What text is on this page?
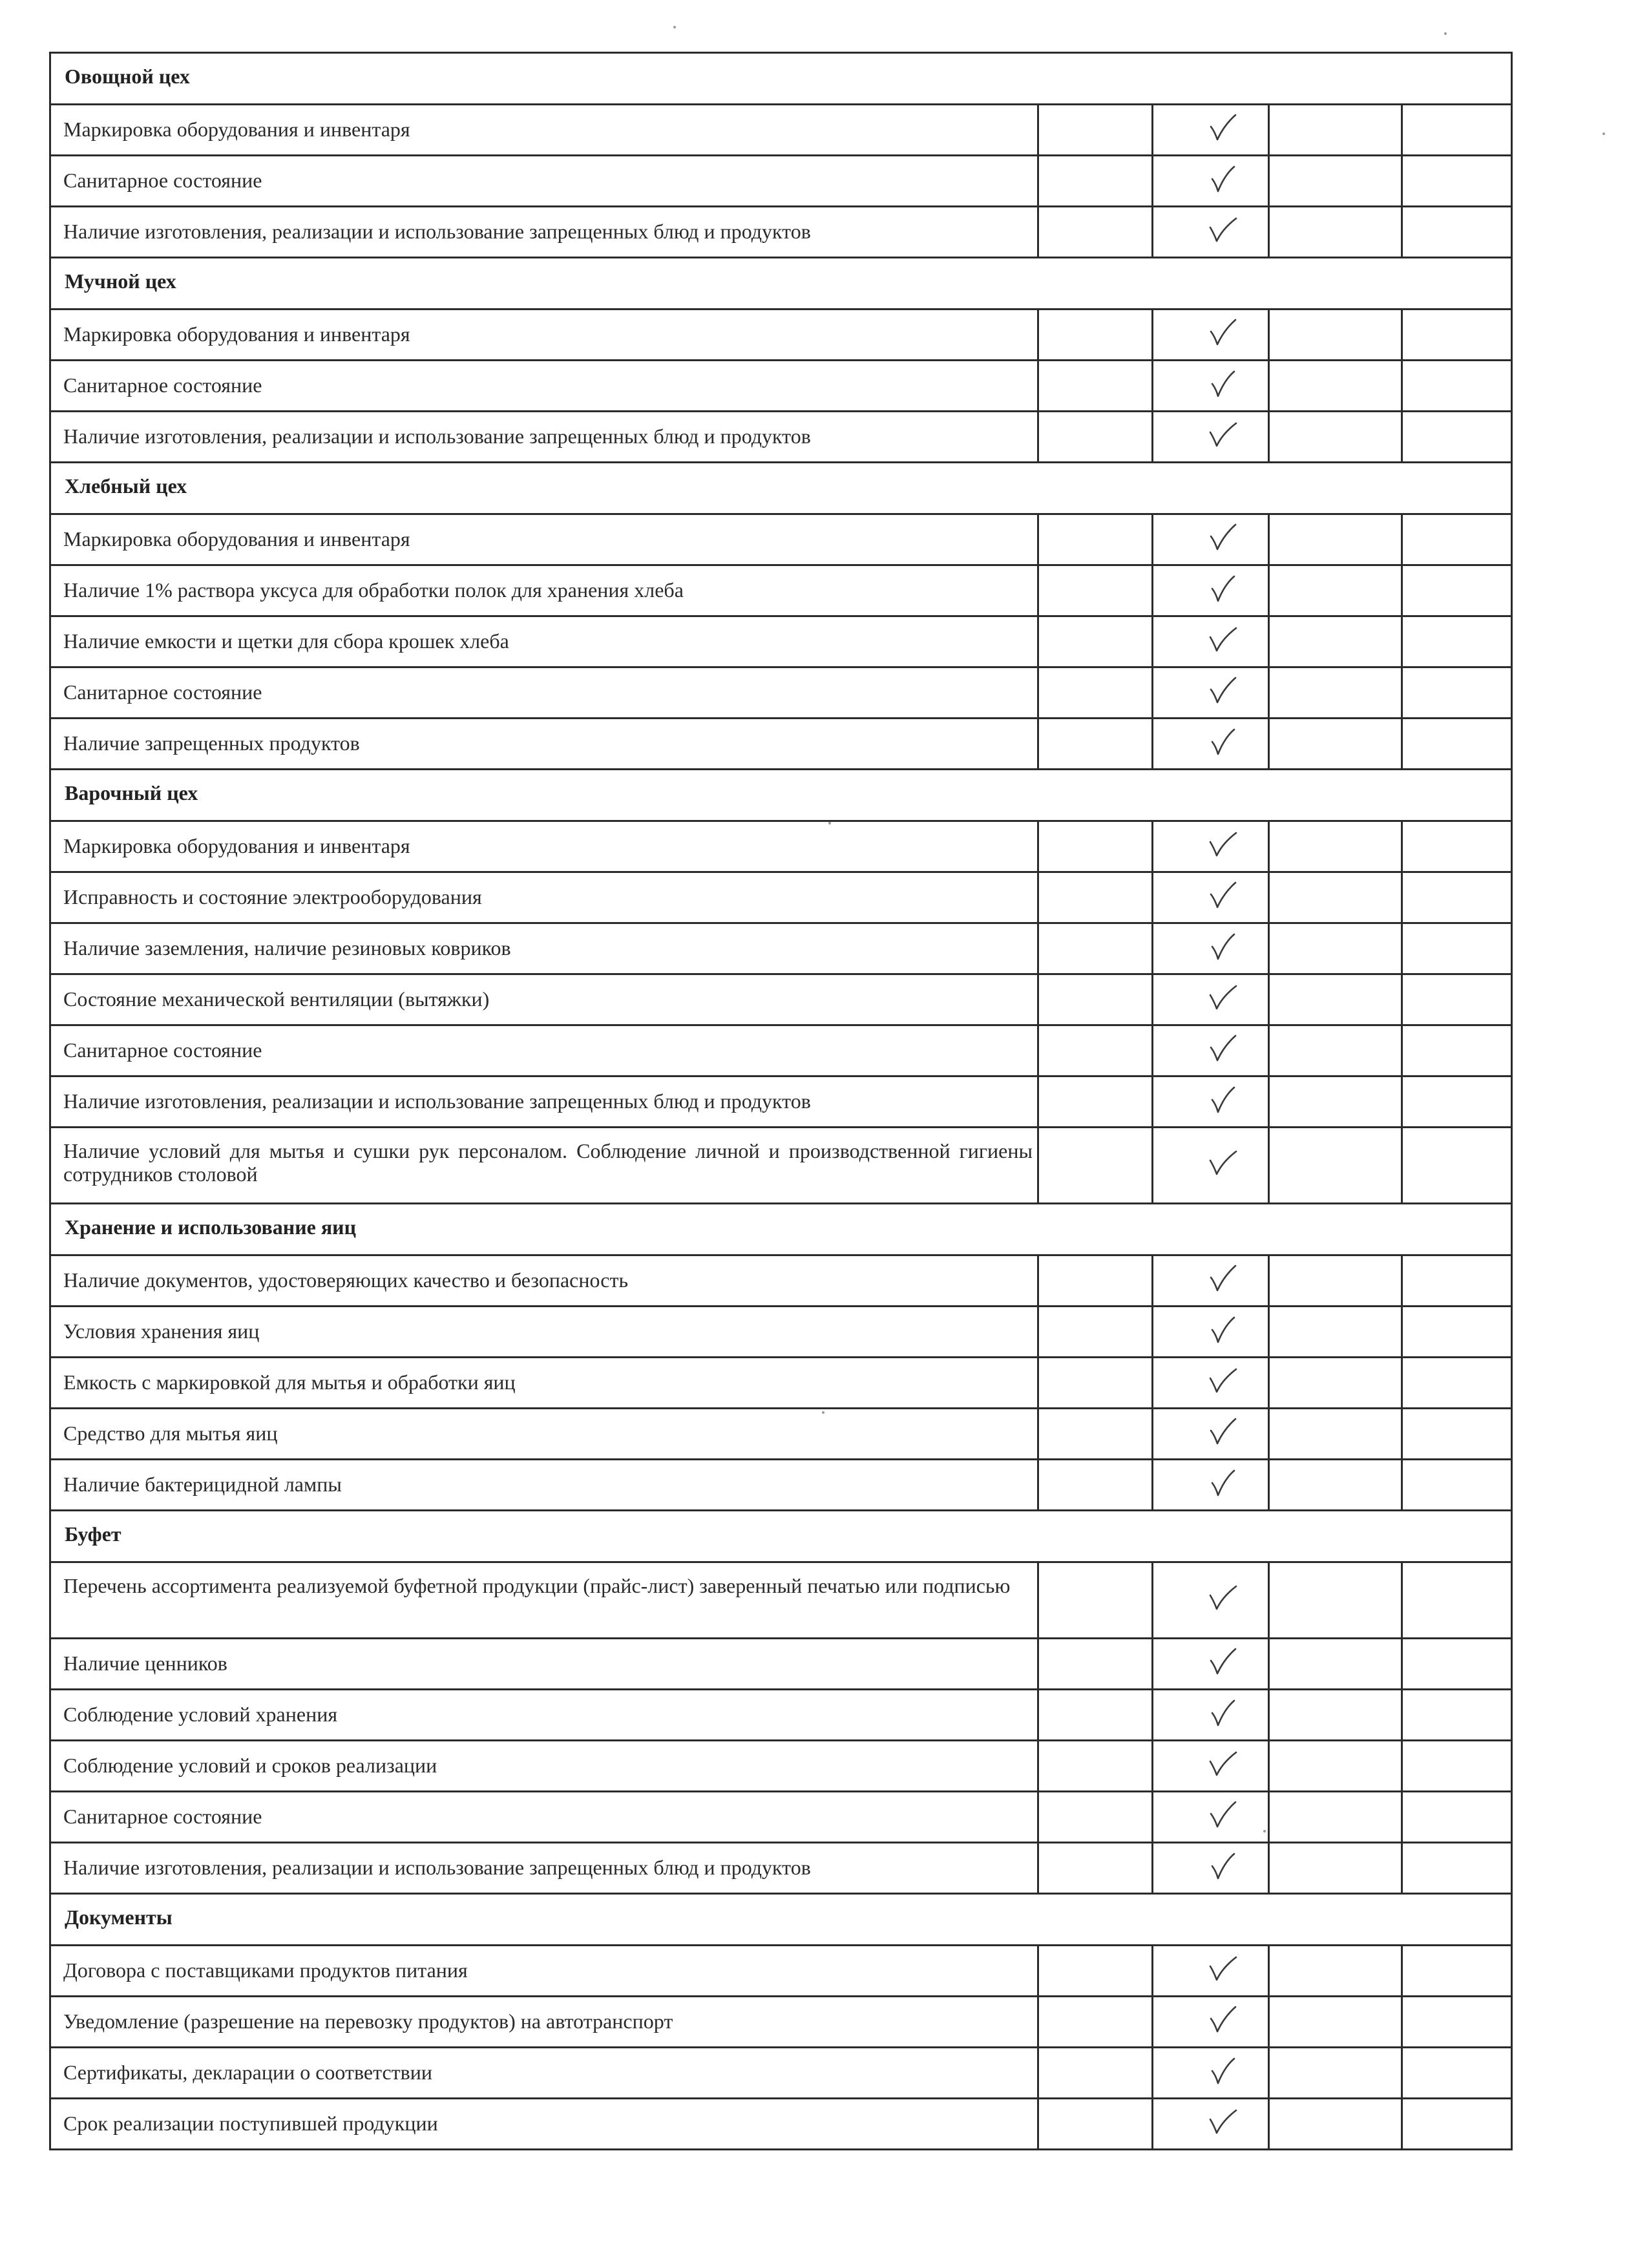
Овощной цех
Маркировка оборудования и инвентаря
Санитарное состояние
Наличие изготовления, реализации и использование запрещенных блюд и продуктов
Мучной цех
Маркировка оборудования и инвентаря
Санитарное состояние
Наличие изготовления, реализации и использование запрещенных блюд и продуктов
Хлебный цех
Маркировка оборудования и инвентаря
Наличие 1% раствора уксуса для обработки полок для хранения хлеба
Наличие емкости и щетки для сбора крошек хлеба
Санитарное состояние
Наличие запрещенных продуктов
Варочный цех
Маркировка оборудования и инвентаря
Исправность и состояние электрооборудования
Наличие заземления, наличие резиновых ковриков
Состояние механической вентиляции (вытяжки)
Санитарное состояние
Наличие изготовления, реализации и использование запрещенных блюд и продуктов
Наличие условий для мытья и сушки рук персоналом. Соблюдение личной и производственной гигиены сотрудников столовой
Хранение и использование яиц
Наличие документов, удостоверяющих качество и безопасность
Условия хранения яиц
Емкость с маркировкой для мытья и обработки яиц
Средство для мытья яиц
Наличие бактерицидной лампы
Буфет
Перечень ассортимента реализуемой буфетной продукции (прайс-лист) заверенный печатью или подписью
Наличие ценников
Соблюдение условий хранения
Соблюдение условий и сроков реализации
Санитарное состояние
Наличие изготовления, реализации и использование запрещенных блюд и продуктов
Документы
Договора с поставщиками продуктов питания
Уведомление (разрешение на перевозку продуктов) на автотранспорт
Сертификаты, декларации о соответствии
Срок реализации поступившей продукции
